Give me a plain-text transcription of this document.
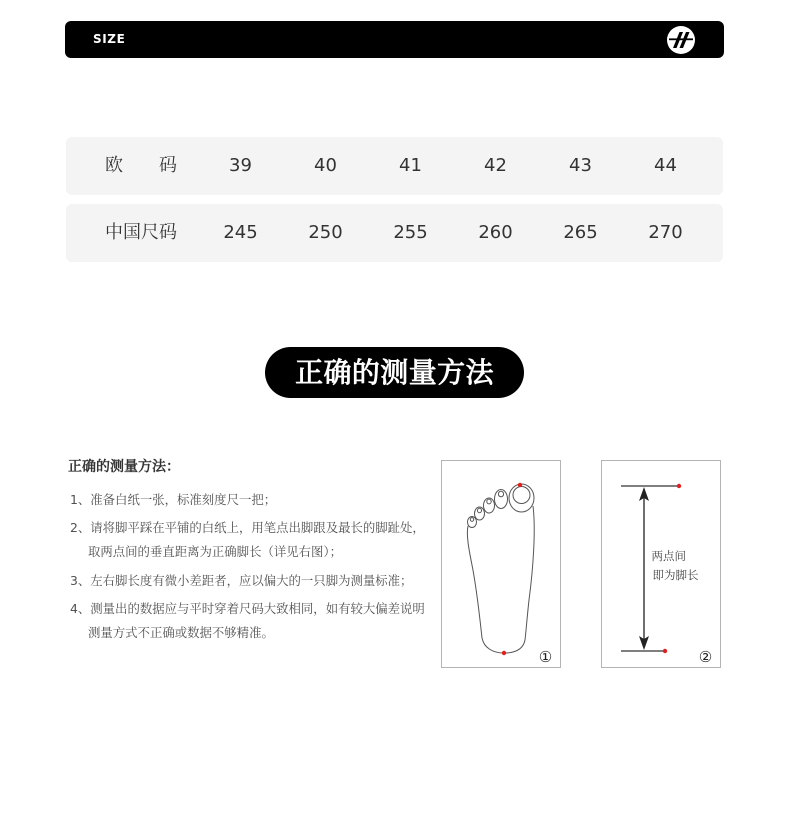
SIZE
欧　　码	39	40	41	42	43	44
中国尺码	245	250	255	260	265	270
正确的测量方法
正确的测量方法：
1、准备白纸一张，标准刻度尺一把；
2、请将脚平踩在平铺的白纸上，用笔点出脚跟及最长的脚趾处，
取两点间的垂直距离为正确脚长（详见右图）；
3、左右脚长度有微小差距者，应以偏大的一只脚为测量标准；
4、测量出的数据应与平时穿着尺码大致相同，如有较大偏差说明
测量方式不正确或数据不够精准。
①
两点间
即为脚长
②
